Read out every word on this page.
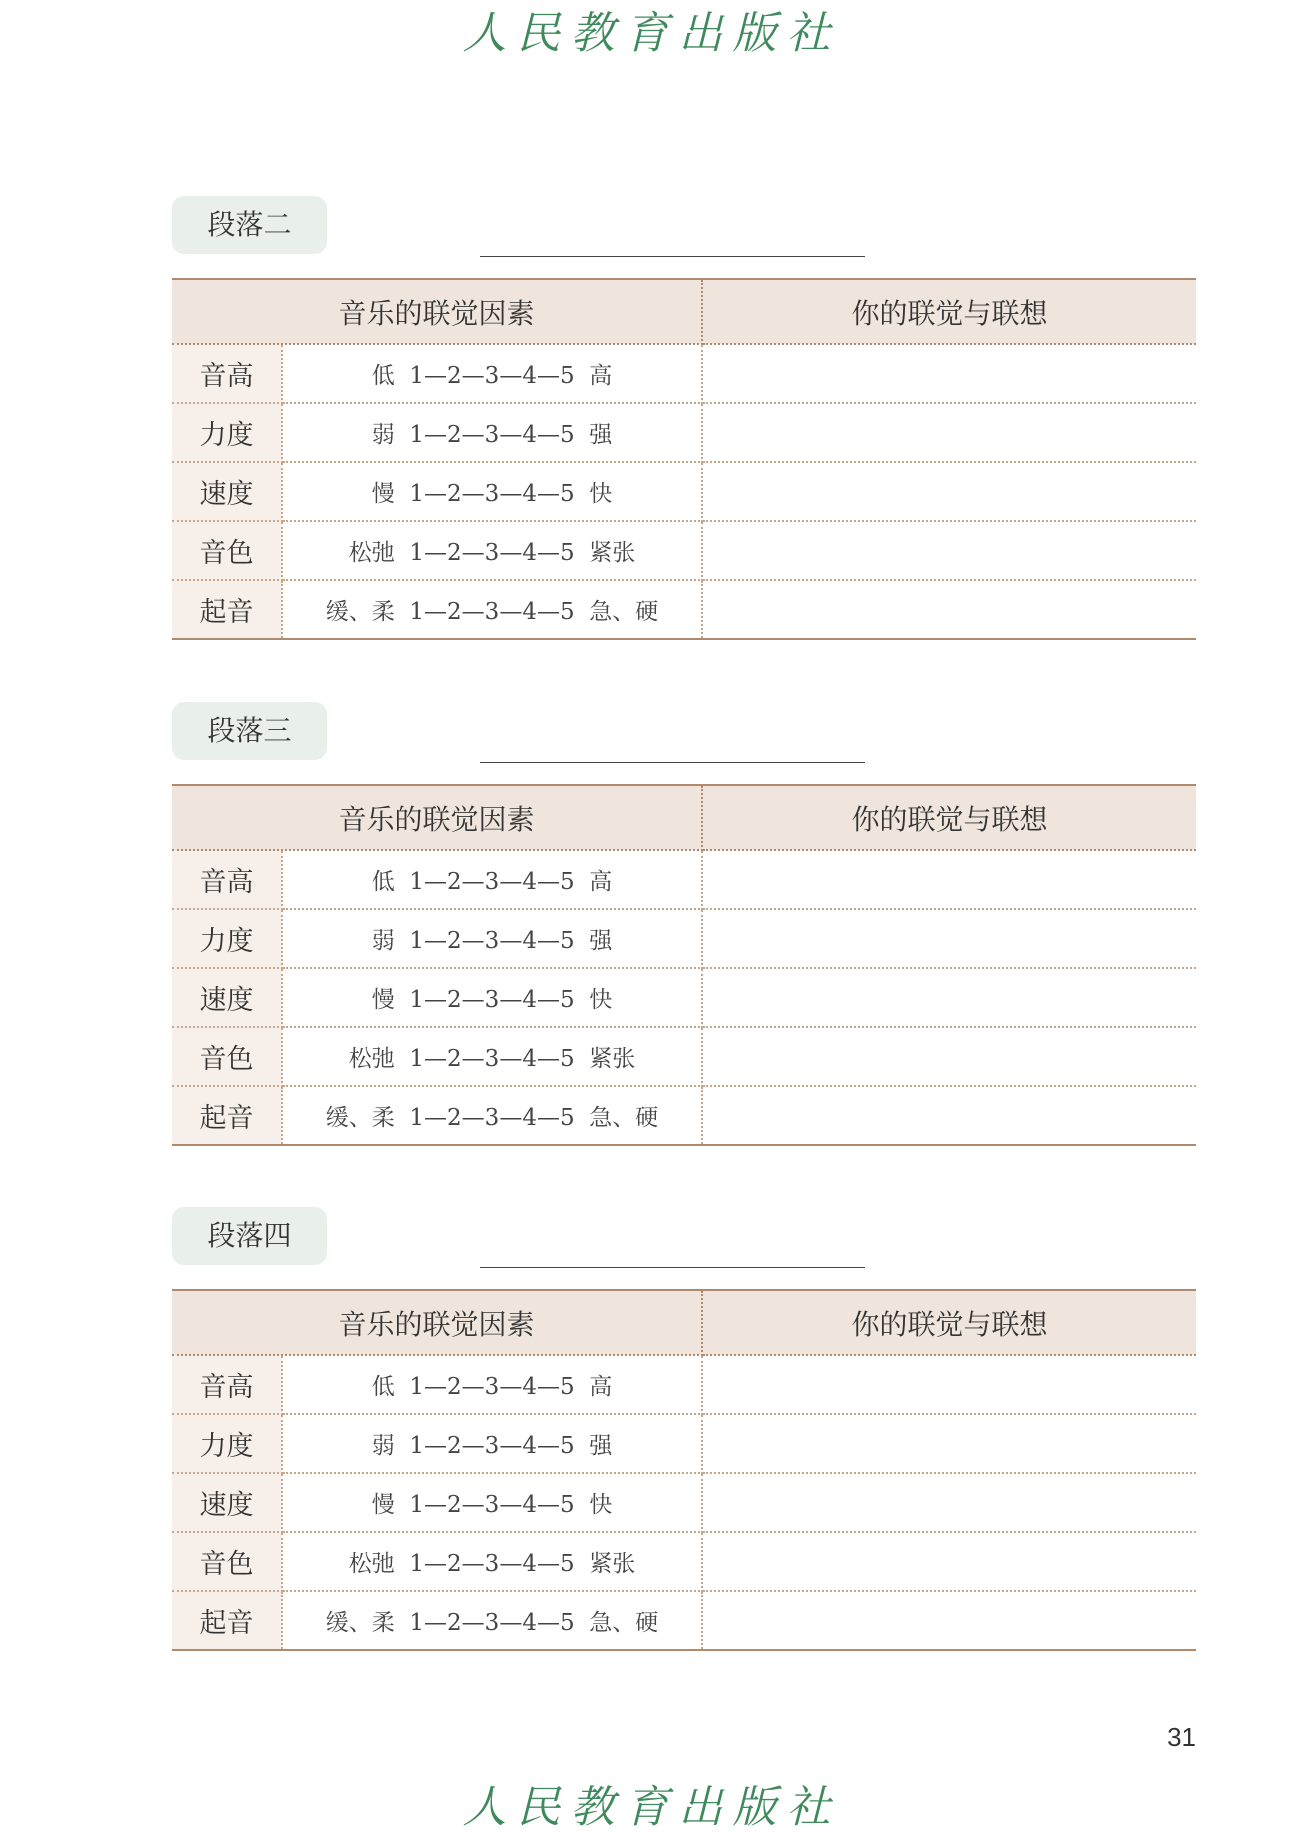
人民教育出版社
段落二
音乐的联觉因素		你的联觉与联想
音高	低  1—2—3—4—5  高	
力度	弱  1—2—3—4—5  强	
速度	慢  1—2—3—4—5  快	
音色	松弛  1—2—3—4—5  紧张	
起音	缓、柔  1—2—3—4—5  急、硬	
段落三
音乐的联觉因素		你的联觉与联想
音高	低  1—2—3—4—5  高	
力度	弱  1—2—3—4—5  强	
速度	慢  1—2—3—4—5  快	
音色	松弛  1—2—3—4—5  紧张	
起音	缓、柔  1—2—3—4—5  急、硬	
段落四
音乐的联觉因素		你的联觉与联想
音高	低  1—2—3—4—5  高	
力度	弱  1—2—3—4—5  强	
速度	慢  1—2—3—4—5  快	
音色	松弛  1—2—3—4—5  紧张	
起音	缓、柔  1—2—3—4—5  急、硬	
31
人民教育出版社
